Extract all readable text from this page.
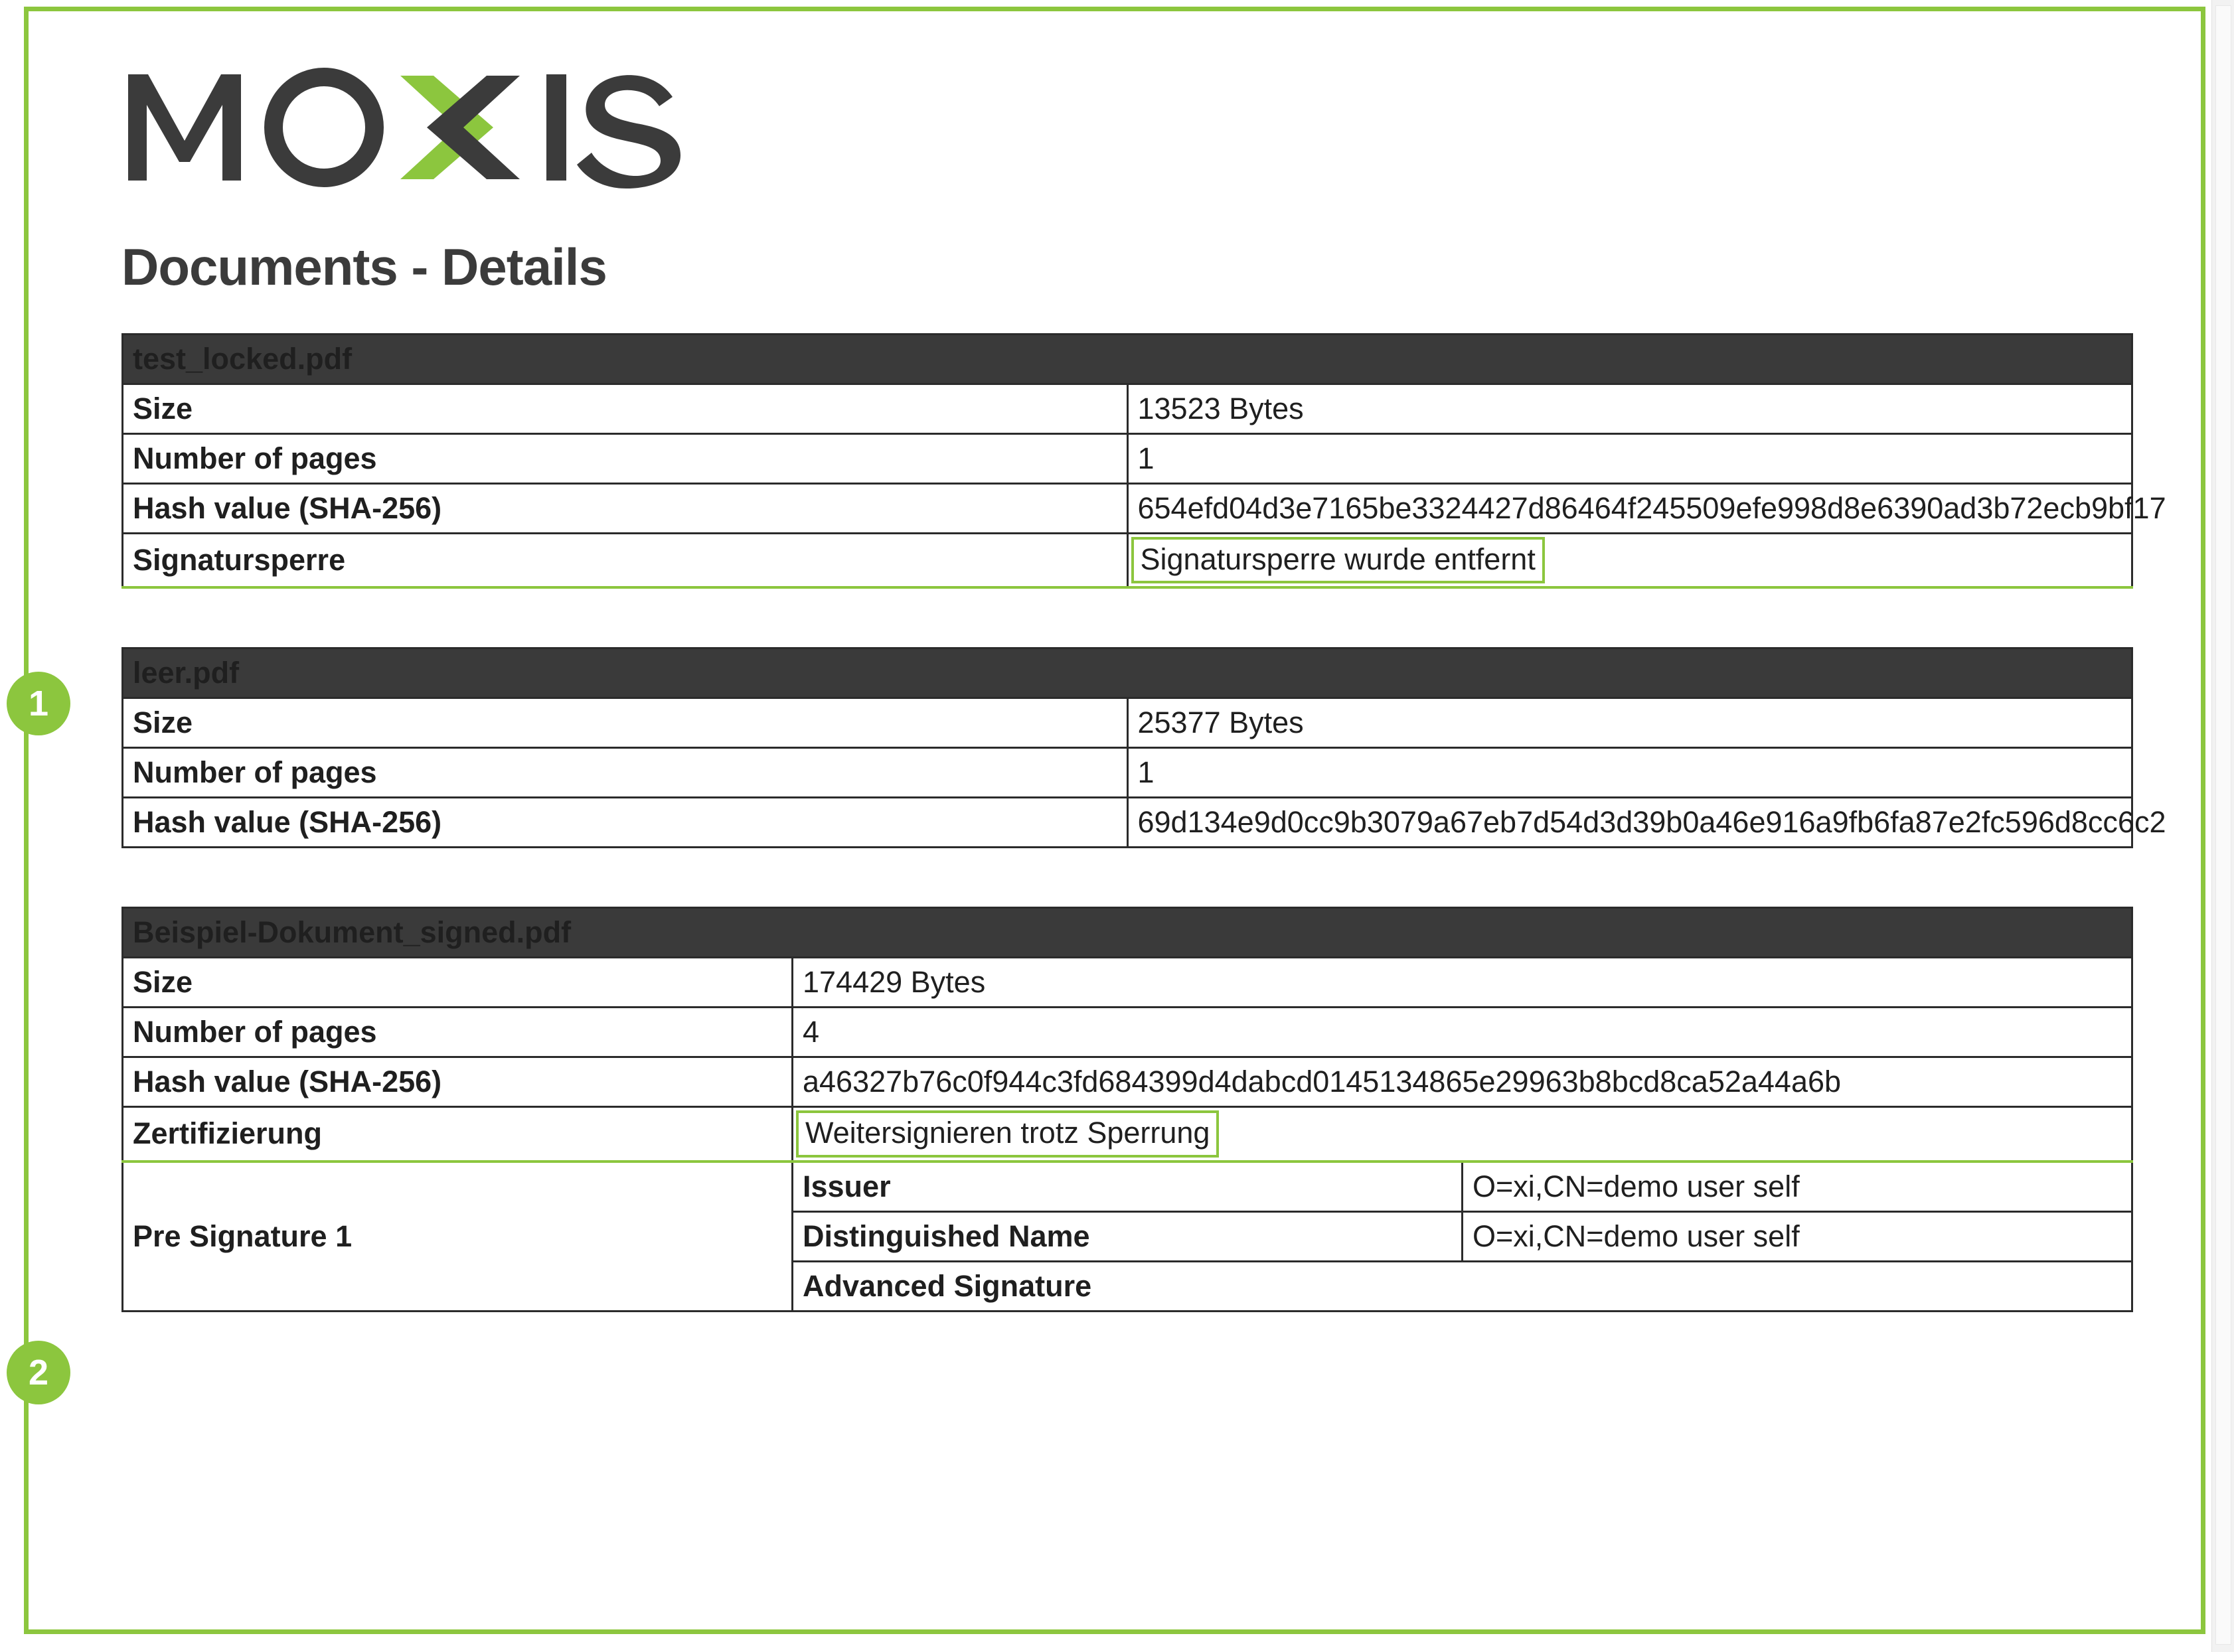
Documents - Details
test_locked.pdf	
Size	13523 Bytes
Number of pages	1
Hash value (SHA-256)	654efd04d3e7165be3324427d86464f245509efe998d8e6390ad3b72ecb9bf17
Signatursperre	Signatursperre wurde entfernt
leer.pdf	
Size	25377 Bytes
Number of pages	1
Hash value (SHA-256)	69d134e9d0cc9b3079a67eb7d54d3d39b0a46e916a9fb6fa87e2fc596d8cc6c2
Beispiel-Dokument_signed.pdf		
Size	174429 Bytes	
Number of pages	4	
Hash value (SHA-256)	a46327b76c0f944c3fd684399d4dabcd0145134865e29963b8bcd8ca52a44a6b	
Zertifizierung	Weitersignieren trotz Sperrung	
Pre Signature 1	Issuer	O=xi,CN=demo user self
	Distinguished Name	O=xi,CN=demo user self
	Advanced Signature	
1
2
